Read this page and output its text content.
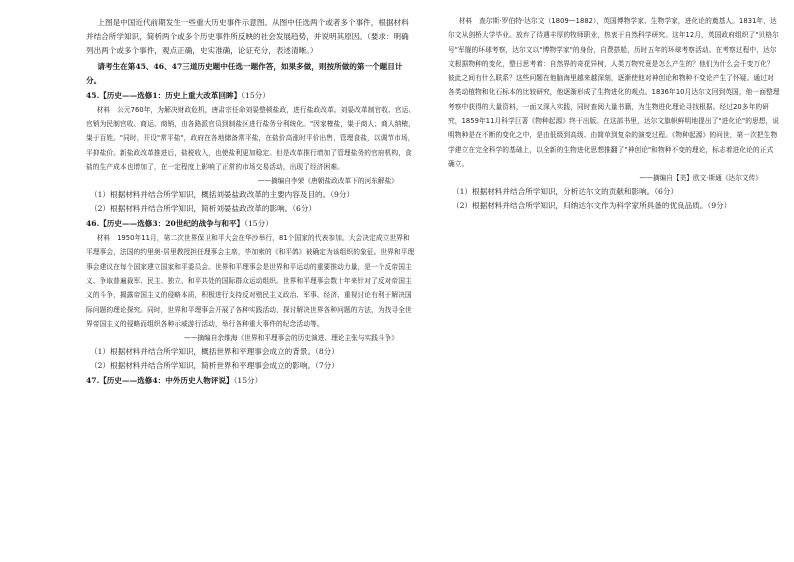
上图是中国近代前期发生一些重大历史事件示意图。从图中任选两个或者多个事件，根据材料并结合所学知识，简析两个或多个历史事件所反映的社会发展趋势，并说明其原因。（要求：明确列出两个或多个事件，观点正确，史实准确，论证充分，表述清晰。）

请考生在第45、46、47三道历史题中任选一题作答，如果多做，则按所做的第一个题目计分。

45.【历史——选修1：历史上重大改革回眸】（15分）

材料　公元760年，为解决财政危机，唐肃宗任命刘晏整顿盐政，进行盐政改革。刘晏改革制官收、官运、官销为民制官收、商运、商销，由各路派官员到制盐区进行盐务分利统化。"因家榷盐，粜于商人；商人纳榷，粜于百姓。"同时，开设"常平盐"，政府在各地储备常平盐，在盐价高涨时平价出售，管理食盐，以调节市场，平抑盐价。新盐政改革推进后，盐税收入，也使盐利更加稳定。但是改革推行增加了管理盐务的官府机构，食盐的生产成本也增加了，在一定程度上影响了正常的市场交易活动，出现了经济困难。

——摘编自李荣《唐朝盐政改革下的河东解盐》

（1）根据材料并结合所学知识，概括刘晏盐政改革的主要内容及目的。（9分）

（2）根据材料并结合所学知识，简析刘晏盐政改革的影响。（6分）

46.【历史——选修3：20世纪的战争与和平】（15分）

材料　1950年11月，第二次世界保卫和平大会在华沙举行，81个国家的代表参加。大会决定成立世界和平理事会，法国的约里奥-居里教授担任理事会主席，毕加索的《和平鸽》被确定为该组织的象征。世界和平理事会建议在每个国家建立国家和平委员会。世界和平理事会是世界和平运动的重要推动力量，是一个反帝国主义、争取普遍裁军、民主、独立、和平共处的国际群众运动组织。世界和平理事会数十年来针对了反对帝国主义的斗争，揭露帝国主义的侵略本质，积极进行支持反对殖民主义政治、军事、经济、重视讨论有利于解决国际问题的理论探究。同时，世界和平理事会开展了各种实践活动，探讨解决世界各种问题的方法，为找寻全世界帝国主义的侵略而组织各种示威游行活动，举行各种重大事件的纪念活动等。

——摘编自余维海《世界和平理事会的历史演进、理论主张与实践斗争》

（1）根据材料并结合所学知识，概括世界和平理事会成立的背景。（8分）

（2）根据材料并结合所学知识，简析世界和平理事会成立的影响。（7分）

47.【历史——选修4：中外历史人物评说】（15分）

材料　查尔斯·罗伯特·达尔文（1809—1882），英国博物学家、生物学家，进化论的奠基人。1831年，达尔文从剑桥大学毕业。放弃了待遇丰厚的牧师职业，热衷于自然科学研究。这年12月，英国政府组织了"贝格尔号"军舰的环球考察，达尔文以"博物学家"的身份，自费搭船，历时五年的环球考察活动。在考察过程中，达尔文根据物种的变化，整日思考着：自然界的奇花异树，人类万物究竟是怎么产生的？他们为什么会千变万化？彼此之间有什么联系？这些问题在他脑海里越来越深刻，逐渐使他对神创论和物种不变论产生了怀疑。通过对各类动植物和化石标本的比较研究，他逐渐形成了生物进化的观点。1836年10月达尔文回到英国，他一面整理考察中获得的大量资料，一面又深入实践，同时查阅大量书籍，为生物进化理论寻找根据。经过20多年的研究，1859年11月科学巨著《物种起源》终于出版。在这部书里，达尔文旗帜鲜明地提出了"进化论"的思想，说明物种是在不断的变化之中，是由低级到高级、由简单到复杂的演变过程。《物种起源》的问世，第一次把生物学建立在完全科学的基础上，以全新的生物进化思想推翻了"神创论"和物种不变的理论，标志着进化论的正式确立。

——摘编自【美】欧文·斯通《达尔文传》

（1）根据材料并结合所学知识，分析达尔文的贡献和影响。（6分）

（2）根据材料并结合所学知识，归纳达尔文作为科学家所具备的优良品质。（9分）
